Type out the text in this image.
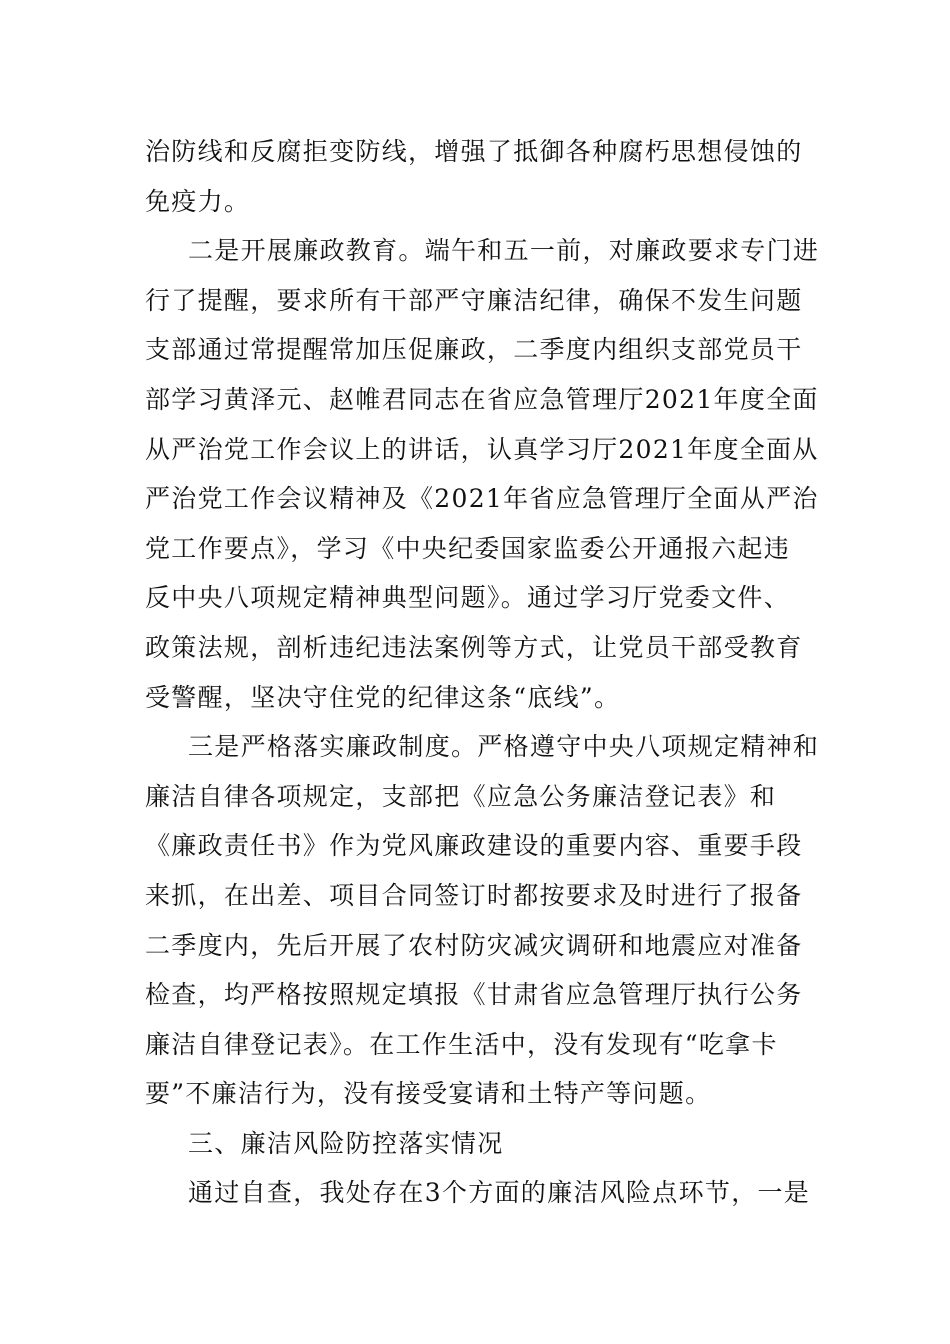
治防线和反腐拒变防线，增强了抵御各种腐朽思想侵蚀的
免疫力。
二是开展廉政教育。端午和五一前，对廉政要求专门进
行了提醒，要求所有干部严守廉洁纪律，确保不发生问题
支部通过常提醒常加压促廉政，二季度内组织支部党员干
部学习黄泽元、赵帷君同志在省应急管理厅2021年度全面
从严治党工作会议上的讲话，认真学习厅2021年度全面从
严治党工作会议精神及《2021年省应急管理厅全面从严治
党工作要点》，学习《中央纪委国家监委公开通报六起违
反中央八项规定精神典型问题》。通过学习厅党委文件、
政策法规，剖析违纪违法案例等方式，让党员干部受教育
受警醒，坚决守住党的纪律这条“底线”。
三是严格落实廉政制度。严格遵守中央八项规定精神和
廉洁自律各项规定，支部把《应急公务廉洁登记表》和
《廉政责任书》作为党风廉政建设的重要内容、重要手段
来抓，在出差、项目合同签订时都按要求及时进行了报备
二季度内，先后开展了农村防灾减灾调研和地震应对准备
检查，均严格按照规定填报《甘肃省应急管理厅执行公务
廉洁自律登记表》。在工作生活中，没有发现有“吃拿卡
要”不廉洁行为，没有接受宴请和土特产等问题。
三、廉洁风险防控落实情况
通过自查，我处存在3个方面的廉洁风险点环节，一是
